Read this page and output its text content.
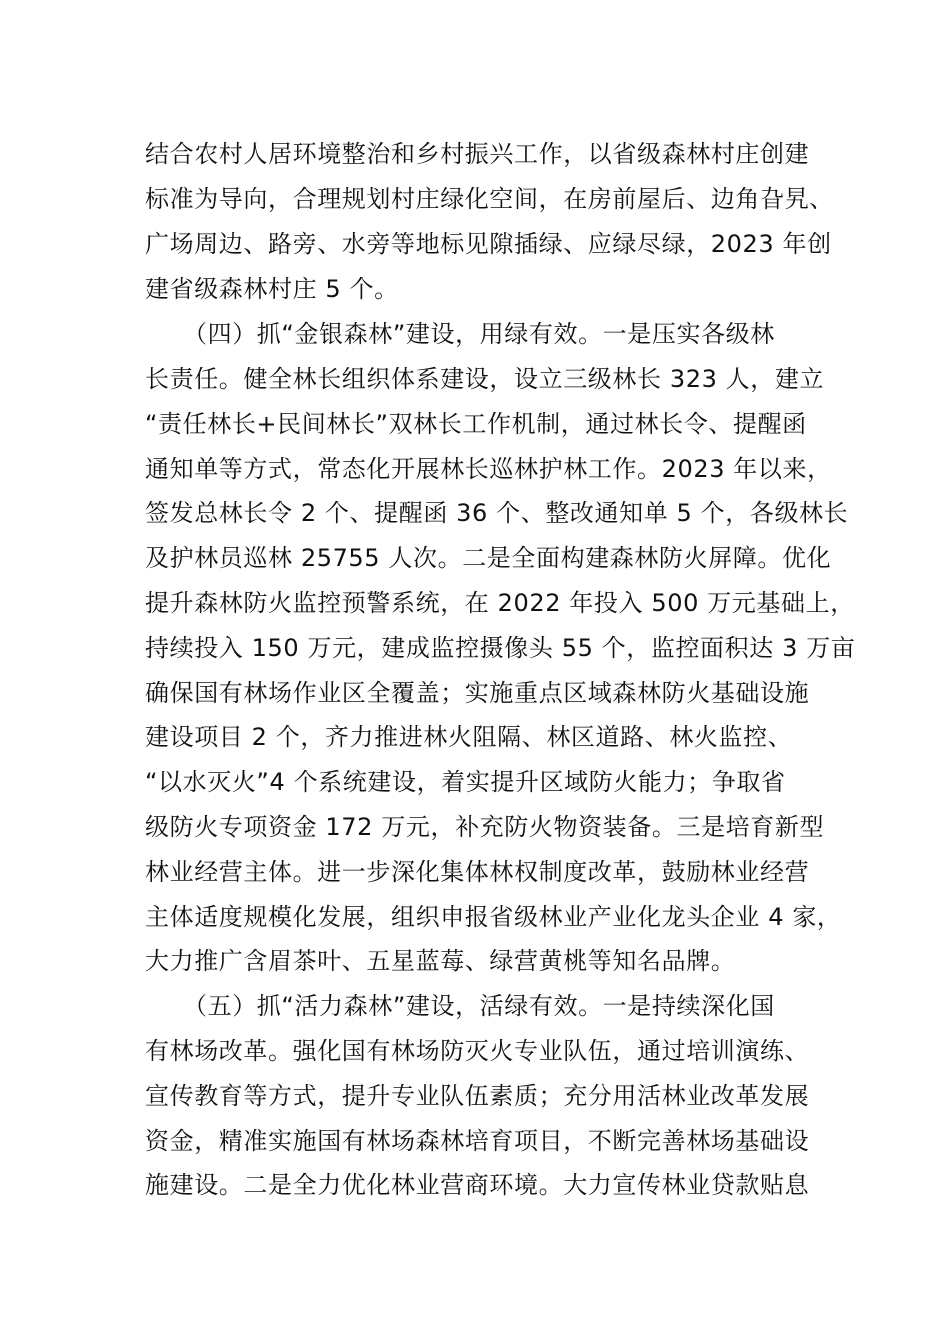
结合农村人居环境整治和乡村振兴工作，以省级森林村庄创建

标准为导向，合理规划村庄绿化空间，在房前屋后、边角旮旯、

广场周边、路旁、水旁等地标见隙插绿、应绿尽绿，2023 年创

建省级森林村庄 5 个。

（四）抓“金银森林”建设，用绿有效。一是压实各级林

长责任。健全林长组织体系建设，设立三级林长 323 人，建立

“责任林长+民间林长”双林长工作机制，通过林长令、提醒函

通知单等方式，常态化开展林长巡林护林工作。2023 年以来，

签发总林长令 2 个、提醒函 36 个、整改通知单 5 个，各级林长

及护林员巡林 25755 人次。二是全面构建森林防火屏障。优化

提升森林防火监控预警系统，在 2022 年投入 500 万元基础上，

持续投入 150 万元，建成监控摄像头 55 个，监控面积达 3 万亩

确保国有林场作业区全覆盖；实施重点区域森林防火基础设施

建设项目 2 个，齐力推进林火阻隔、林区道路、林火监控、

“以水灭火”4 个系统建设，着实提升区域防火能力；争取省

级防火专项资金 172 万元，补充防火物资装备。三是培育新型

林业经营主体。进一步深化集体林权制度改革，鼓励林业经营

主体适度规模化发展，组织申报省级林业产业化龙头企业 4 家，

大力推广含眉茶叶、五星蓝莓、绿营黄桃等知名品牌。

（五）抓“活力森林”建设，活绿有效。一是持续深化国

有林场改革。强化国有林场防灭火专业队伍，通过培训演练、

宣传教育等方式，提升专业队伍素质；充分用活林业改革发展

资金，精准实施国有林场森林培育项目，不断完善林场基础设

施建设。二是全力优化林业营商环境。大力宣传林业贷款贴息
